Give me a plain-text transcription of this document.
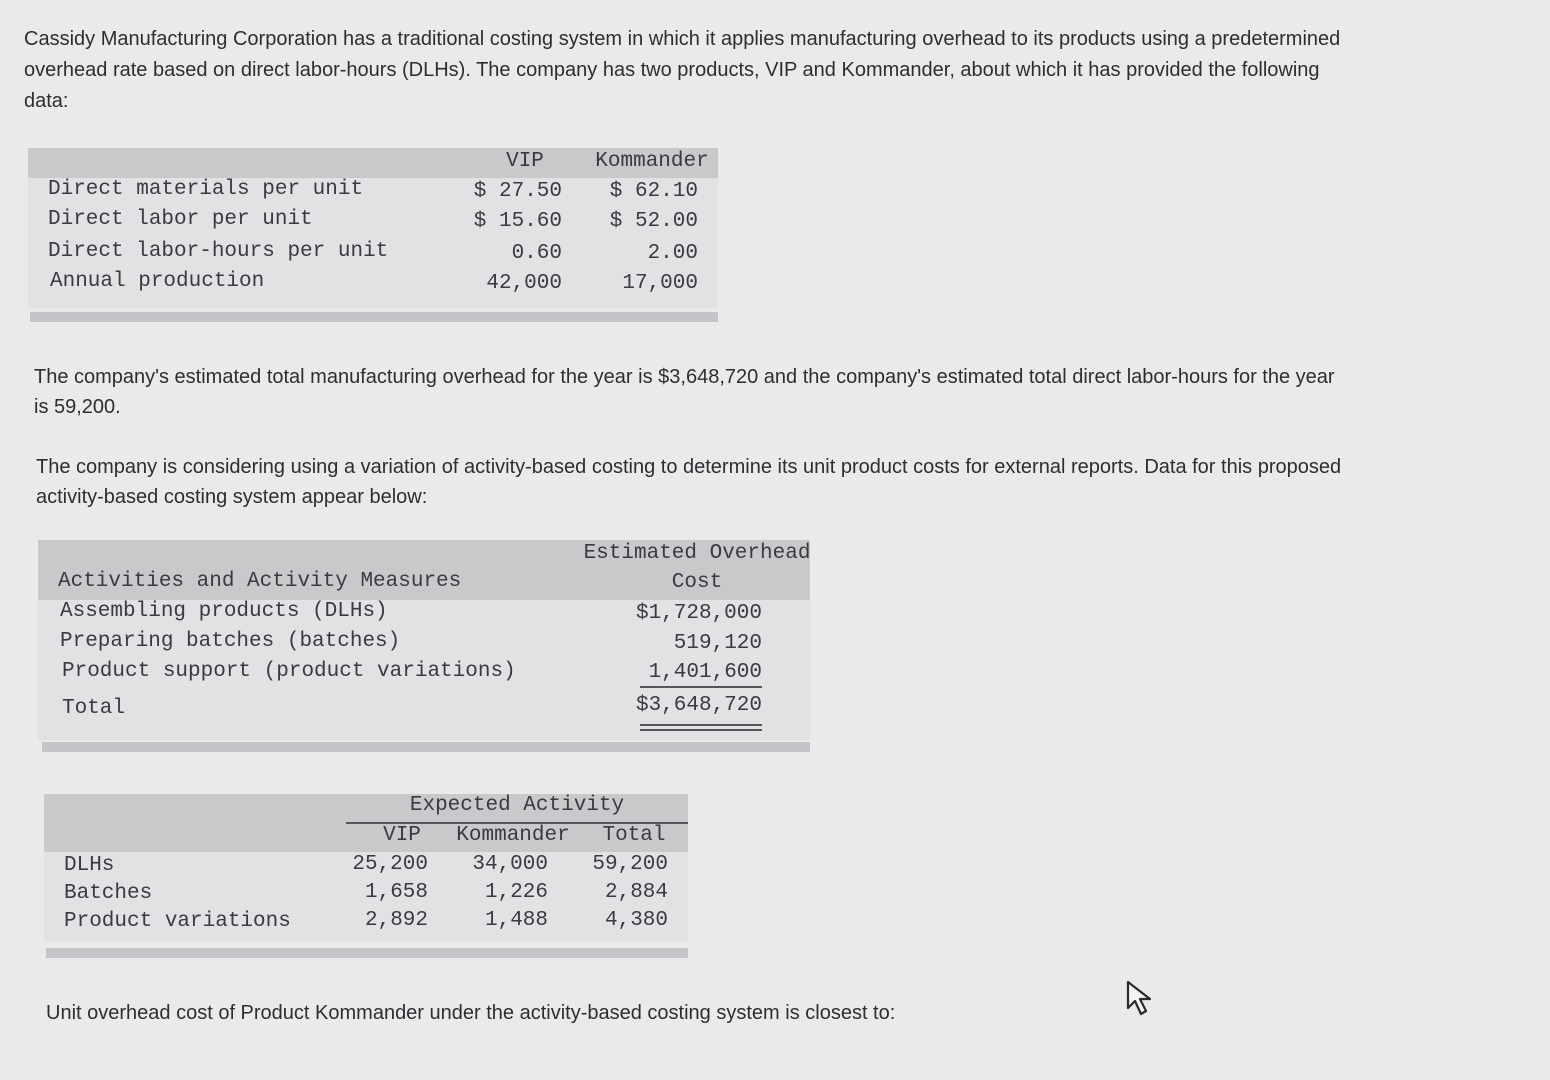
Cassidy Manufacturing Corporation has a traditional costing system in which it applies manufacturing overhead to its products using a predetermined

overhead rate based on direct labor-hours (DLHs). The company has two products, VIP and Kommander, about which it has provided the following

data:

VIP	Kommander
Direct materials per unit	$ 27.50	$ 62.10
Direct labor per unit	$ 15.60	$ 52.00
Direct labor-hours per unit	0.60	2.00
Annual production	42,000	17,000

The company's estimated total manufacturing overhead for the year is $3,648,720 and the company's estimated total direct labor-hours for the year

is 59,200.

The company is considering using a variation of activity-based costing to determine its unit product costs for external reports. Data for this proposed

activity-based costing system appear below:

Activities and Activity Measures
Estimated Overhead
Cost
Assembling products (DLHs)	$1,728,000
Preparing batches (batches)	519,120
Product support (product variations)	1,401,600
Total	$3,648,720
Expected Activity
VIP	Kommander	Total
DLHs	25,200	34,000	59,200
Batches	1,658	1,226	2,884
Product variations	2,892	1,488	4,380

Unit overhead cost of Product Kommander under the activity-based costing system is closest to:
